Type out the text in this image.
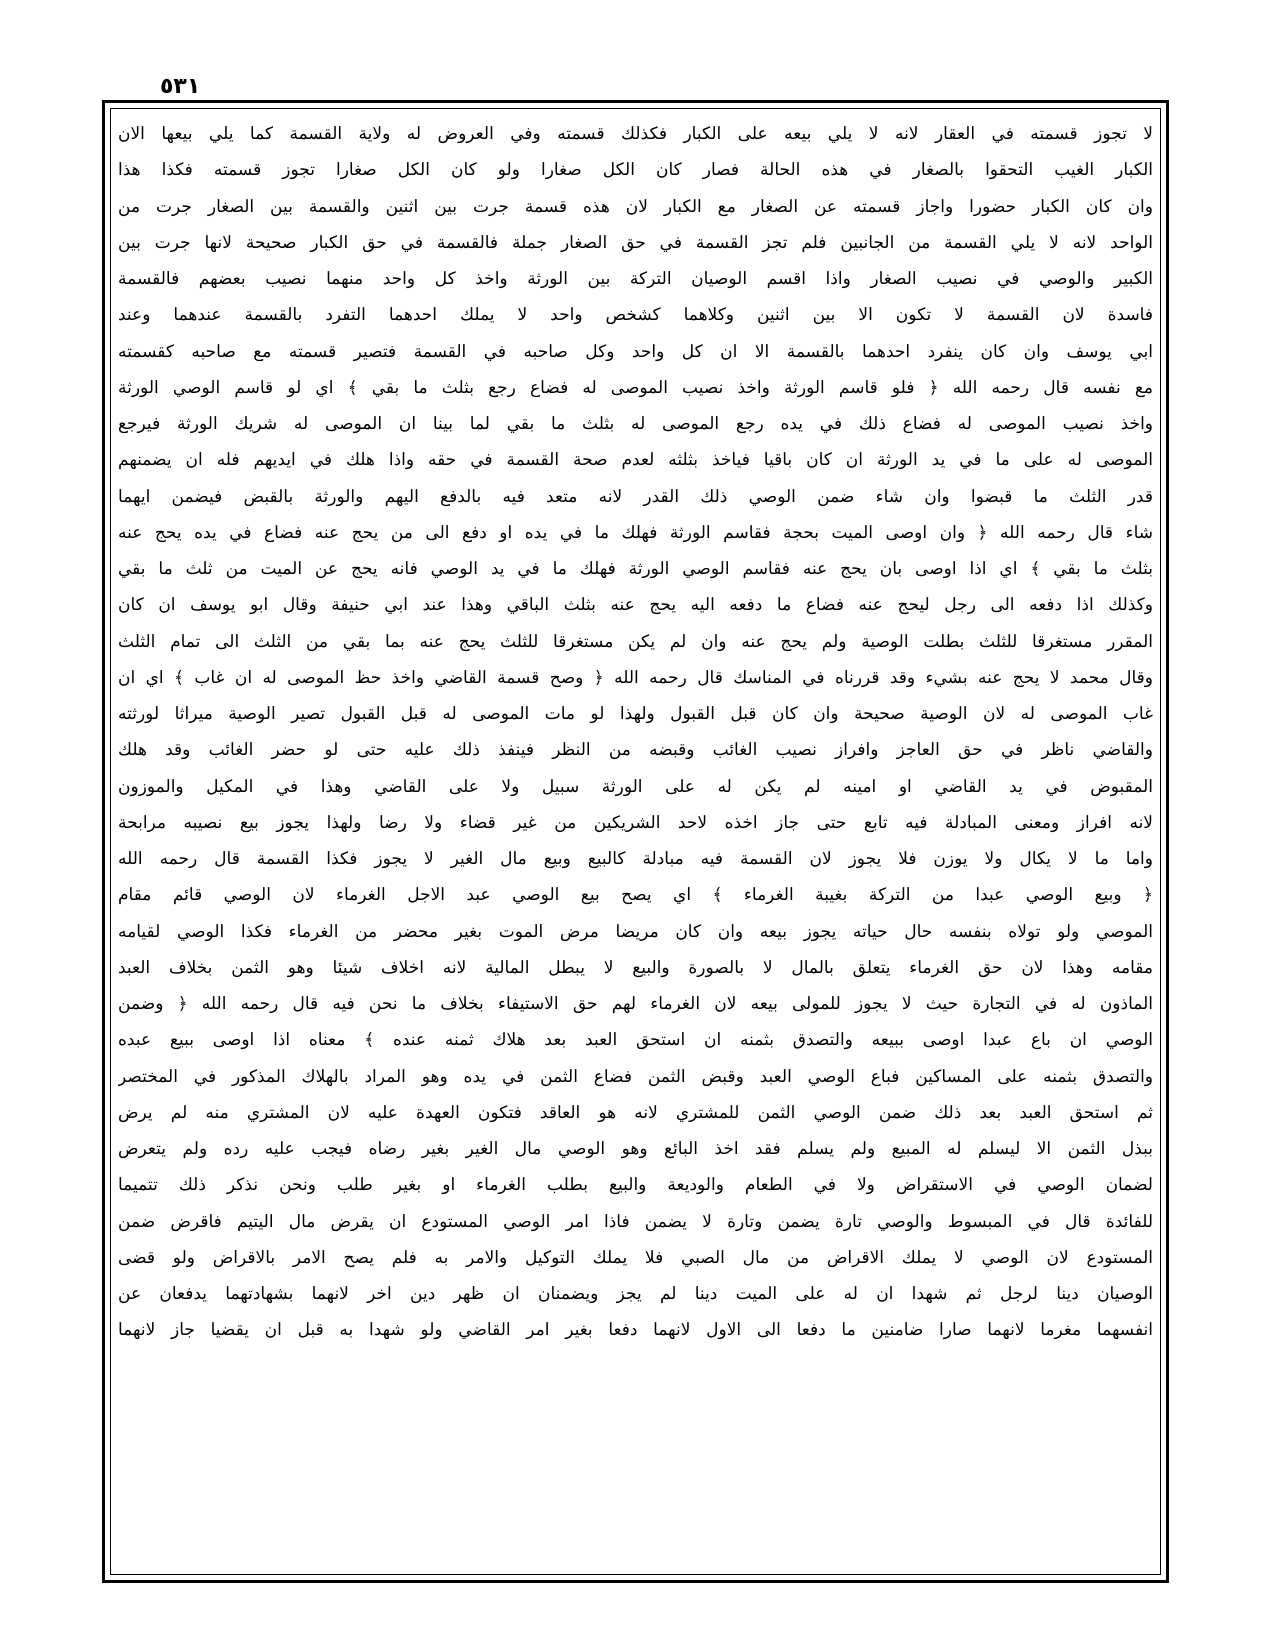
٥٣١
لا تجوز قسمته في العقار لانه لا يلي بيعه على الكبار فكذلك قسمته وفي العروض له ولاية القسمة كما يلي بيعها الان
الكبار الغيب التحقوا بالصغار في هذه الحالة فصار كان الكل صغارا ولو كان الكل صغارا تجوز قسمته فكذا هذا
وان كان الكبار حضورا واجاز قسمته عن الصغار مع الكبار لان هذه قسمة جرت بين اثنين والقسمة بين الصغار جرت من
الواحد لانه لا يلي القسمة من الجانبين فلم تجز القسمة في حق الصغار جملة فالقسمة في حق الكبار صحيحة لانها جرت بين
الكبير والوصي في نصيب الصغار واذا اقسم الوصيان التركة بين الورثة واخذ كل واحد منهما نصيب بعضهم فالقسمة
فاسدة لان القسمة لا تكون الا بين اثنين وكلاهما كشخص واحد لا يملك احدهما التفرد بالقسمة عندهما وعند
ابي يوسف وان كان ينفرد احدهما بالقسمة الا ان كل واحد وكل صاحبه في القسمة فتصير قسمته مع صاحبه كقسمته
مع نفسه قال رحمه الله ﴿ فلو قاسم الورثة واخذ نصيب الموصى له فضاع رجع بثلث ما بقي ﴾ اي لو قاسم الوصي الورثة
واخذ نصيب الموصى له فضاع ذلك في يده رجع الموصى له بثلث ما بقي لما بينا ان الموصى له شريك الورثة فيرجع
الموصى له على ما في يد الورثة ان كان باقيا فياخذ بثلثه لعدم صحة القسمة في حقه واذا هلك في ايديهم فله ان يضمنهم
قدر الثلث ما قبضوا وان شاء ضمن الوصي ذلك القدر لانه متعد فيه بالدفع اليهم والورثة بالقبض فيضمن ايهما
شاء قال رحمه الله ﴿ وان اوصى الميت بحجة فقاسم الورثة فهلك ما في يده او دفع الى من يحج عنه فضاع في يده يحج عنه
بثلث ما بقي ﴾ اي اذا اوصى بان يحج عنه فقاسم الوصي الورثة فهلك ما في يد الوصي فانه يحج عن الميت من ثلث ما بقي
وكذلك اذا دفعه الى رجل ليحج عنه فضاع ما دفعه اليه يحج عنه بثلث الباقي وهذا عند ابي حنيفة وقال ابو يوسف ان كان
المقرر مستغرقا للثلث بطلت الوصية ولم يحج عنه وان لم يكن مستغرقا للثلث يحج عنه بما بقي من الثلث الى تمام الثلث
وقال محمد لا يحج عنه بشيء وقد قررناه في المناسك قال رحمه الله ﴿ وصح قسمة القاضي واخذ حظ الموصى له ان غاب ﴾ اي ان
غاب الموصى له لان الوصية صحيحة وان كان قبل القبول ولهذا لو مات الموصى له قبل القبول تصير الوصية ميراثا لورثته
والقاضي ناظر في حق العاجز وافراز نصيب الغائب وقبضه من النظر فينفذ ذلك عليه حتى لو حضر الغائب وقد هلك
المقبوض في يد القاضي او امينه لم يكن له على الورثة سبيل ولا على القاضي وهذا في المكيل والموزون
لانه افراز ومعنى المبادلة فيه تابع حتى جاز اخذه لاحد الشريكين من غير قضاء ولا رضا ولهذا يجوز بيع نصيبه مرابحة
واما ما لا يكال ولا يوزن فلا يجوز لان القسمة فيه مبادلة كالبيع وبيع مال الغير لا يجوز فكذا القسمة قال رحمه الله
﴿ وبيع الوصي عبدا من التركة بغيبة الغرماء ﴾ اي يصح بيع الوصي عبد الاجل الغرماء لان الوصي قائم مقام
الموصي ولو تولاه بنفسه حال حياته يجوز بيعه وان كان مريضا مرض الموت بغير محضر من الغرماء فكذا الوصي لقيامه
مقامه وهذا لان حق الغرماء يتعلق بالمال لا بالصورة والبيع لا يبطل المالية لانه اخلاف شيئا وهو الثمن بخلاف العبد
الماذون له في التجارة حيث لا يجوز للمولى بيعه لان الغرماء لهم حق الاستيفاء بخلاف ما نحن فيه قال رحمه الله ﴿ وضمن
الوصي ان باع عبدا اوصى ببيعه والتصدق بثمنه ان استحق العبد بعد هلاك ثمنه عنده ﴾ معناه اذا اوصى ببيع عبده
والتصدق بثمنه على المساكين فباع الوصي العبد وقبض الثمن فضاع الثمن في يده وهو المراد بالهلاك المذكور في المختصر
ثم استحق العبد بعد ذلك ضمن الوصي الثمن للمشتري لانه هو العاقد فتكون العهدة عليه لان المشتري منه لم يرض
ببذل الثمن الا ليسلم له المبيع ولم يسلم فقد اخذ البائع وهو الوصي مال الغير بغير رضاه فيجب عليه رده ولم يتعرض
لضمان الوصي في الاستقراض ولا في الطعام والوديعة والبيع بطلب الغرماء او بغير طلب ونحن نذكر ذلك تتميما
للفائدة قال في المبسوط والوصي تارة يضمن وتارة لا يضمن فاذا امر الوصي المستودع ان يقرض مال اليتيم فاقرض ضمن
المستودع لان الوصي لا يملك الاقراض من مال الصبي فلا يملك التوكيل والامر به فلم يصح الامر بالاقراض ولو قضى
الوصيان دينا لرجل ثم شهدا ان له على الميت دينا لم يجز ويضمنان ان ظهر دين اخر لانهما بشهادتهما يدفعان عن
انفسهما مغرما لانهما صارا ضامنين ما دفعا الى الاول لانهما دفعا بغير امر القاضي ولو شهدا به قبل ان يقضيا جاز لانهما
